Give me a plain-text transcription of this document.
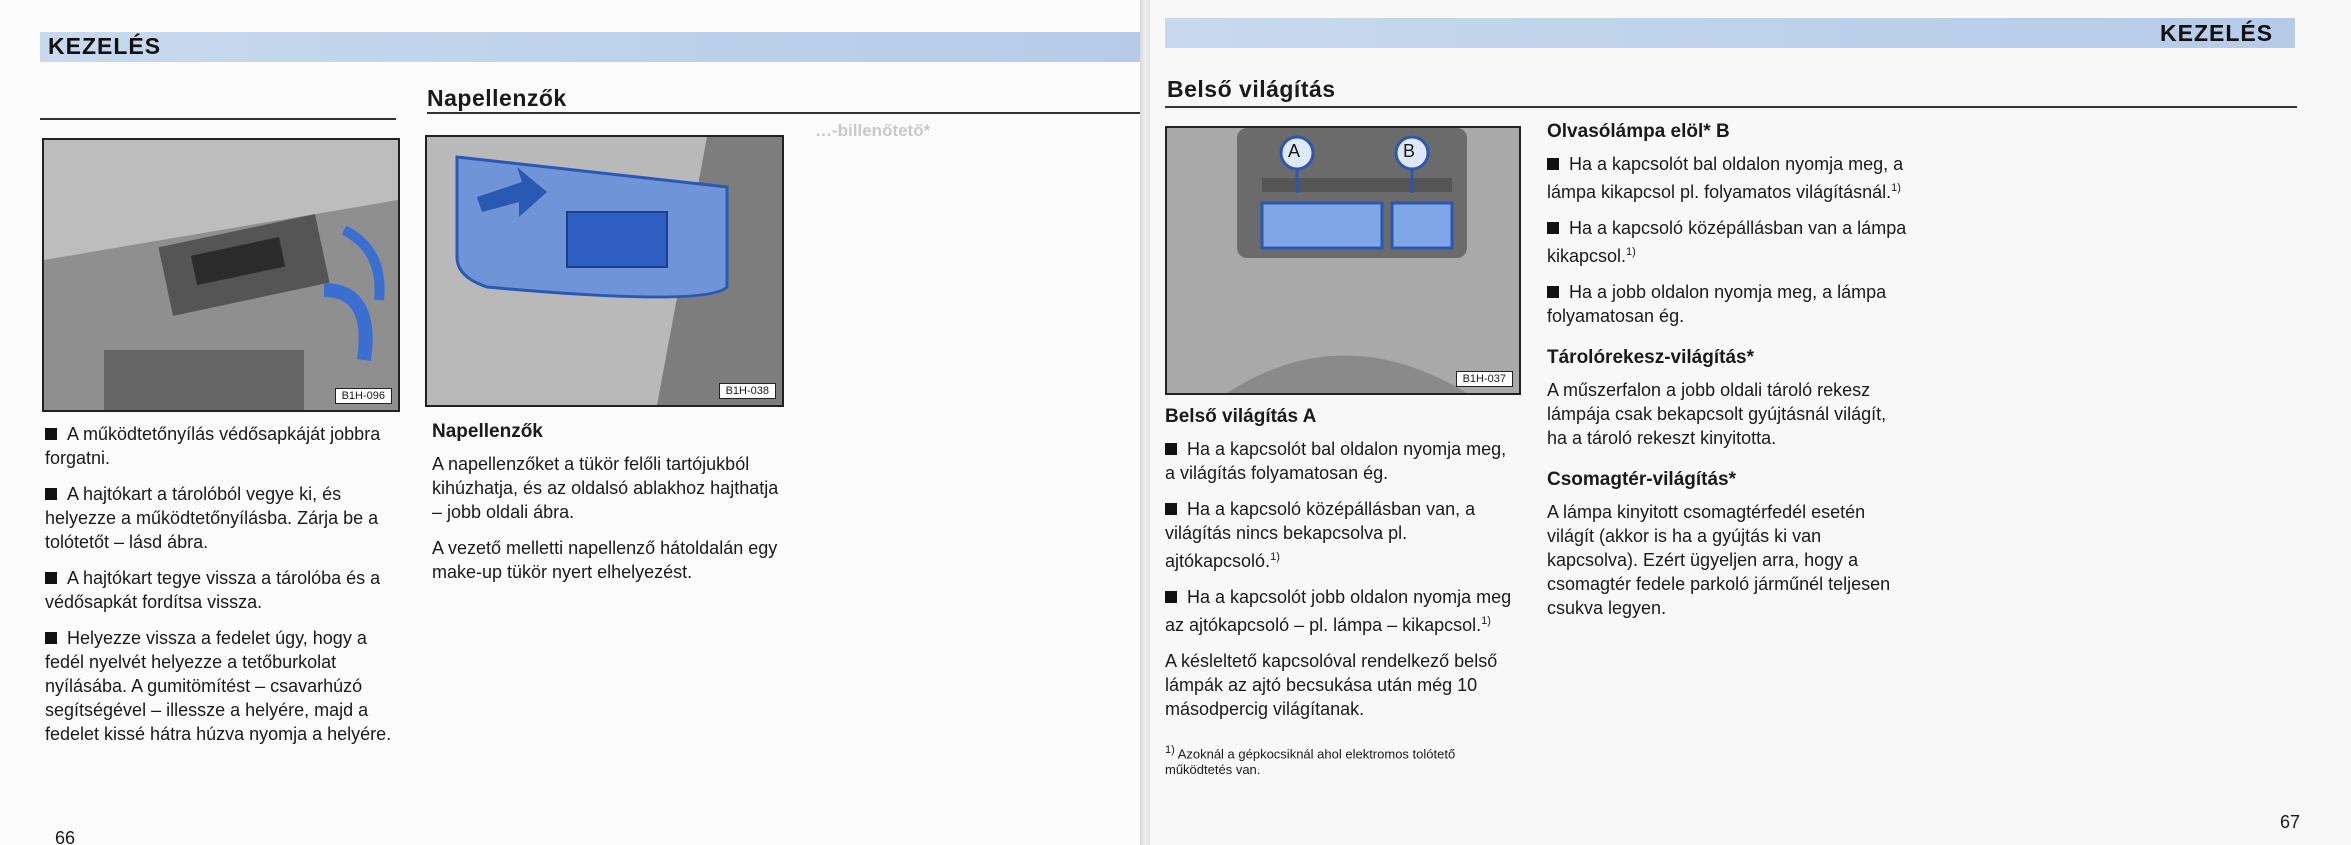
KEZELÉS
…-billenőtető*
Napellenzők
B1H-096	B1H-038

A működtetőnyílás védősapkáját jobbra forgatni.

A hajtókart a tárolóból vegye ki, és helyezze a működtetőnyílásba. Zárja be a tolótetőt – lásd ábra.

A hajtókart tegye vissza a tárolóba és a védősapkát fordítsa vissza.

Helyezze vissza a fedelet úgy, hogy a fedél nyelvét helyezze a tetőburkolat nyílásába. A gumitömítést – csavarhúzó segítségével – illessze a helyére, majd a fedelet kissé hátra húzva nyomja a helyére.

Napellenzők

A napellenzőket a tükör felőli tartójukból kihúzhatja, és az oldalsó ablakhoz hajthatja – jobb oldali ábra.

A vezető melletti napellenző hátoldalán egy make-up tükör nyert elhelyezést.

66
KEZELÉS
Belső világítás
A	B
B1H-037
Belső világítás A

Ha a kapcsolót bal oldalon nyomja meg, a világítás folyamatosan ég.

Ha a kapcsoló középállásban van, a világítás nincs bekapcsolva pl. ajtókapcsoló.$^{1)}$

Ha a kapcsolót jobb oldalon nyomja meg az ajtókapcsoló – pl. lámpa – kikapcsol.$^{1)}$

A késleltető kapcsolóval rendelkező belső lámpák az ajtó becsukása után még 10 másodpercig világítanak.

$^{1)}$ Azoknál a gépkocsiknál ahol elektromos tolótető működtetés van.
Olvasólámpa elöl* B

Ha a kapcsolót bal oldalon nyomja meg, a lámpa kikapcsol pl. folyamatos világításnál.$^{1)}$

Ha a kapcsoló középállásban van a lámpa kikapcsol.$^{1)}$

Ha a jobb oldalon nyomja meg, a lámpa folyamatosan ég.

Tárolórekesz-világítás*

A műszerfalon a jobb oldali tároló rekesz lámpája csak bekapcsolt gyújtásnál világít, ha a tároló rekeszt kinyitotta.

Csomagtér-világítás*

A lámpa kinyitott csomagtérfedél esetén világít (akkor is ha a gyújtás ki van kapcsolva). Ezért ügyeljen arra, hogy a csomagtér fedele parkoló járműnél teljesen csukva legyen.

67
